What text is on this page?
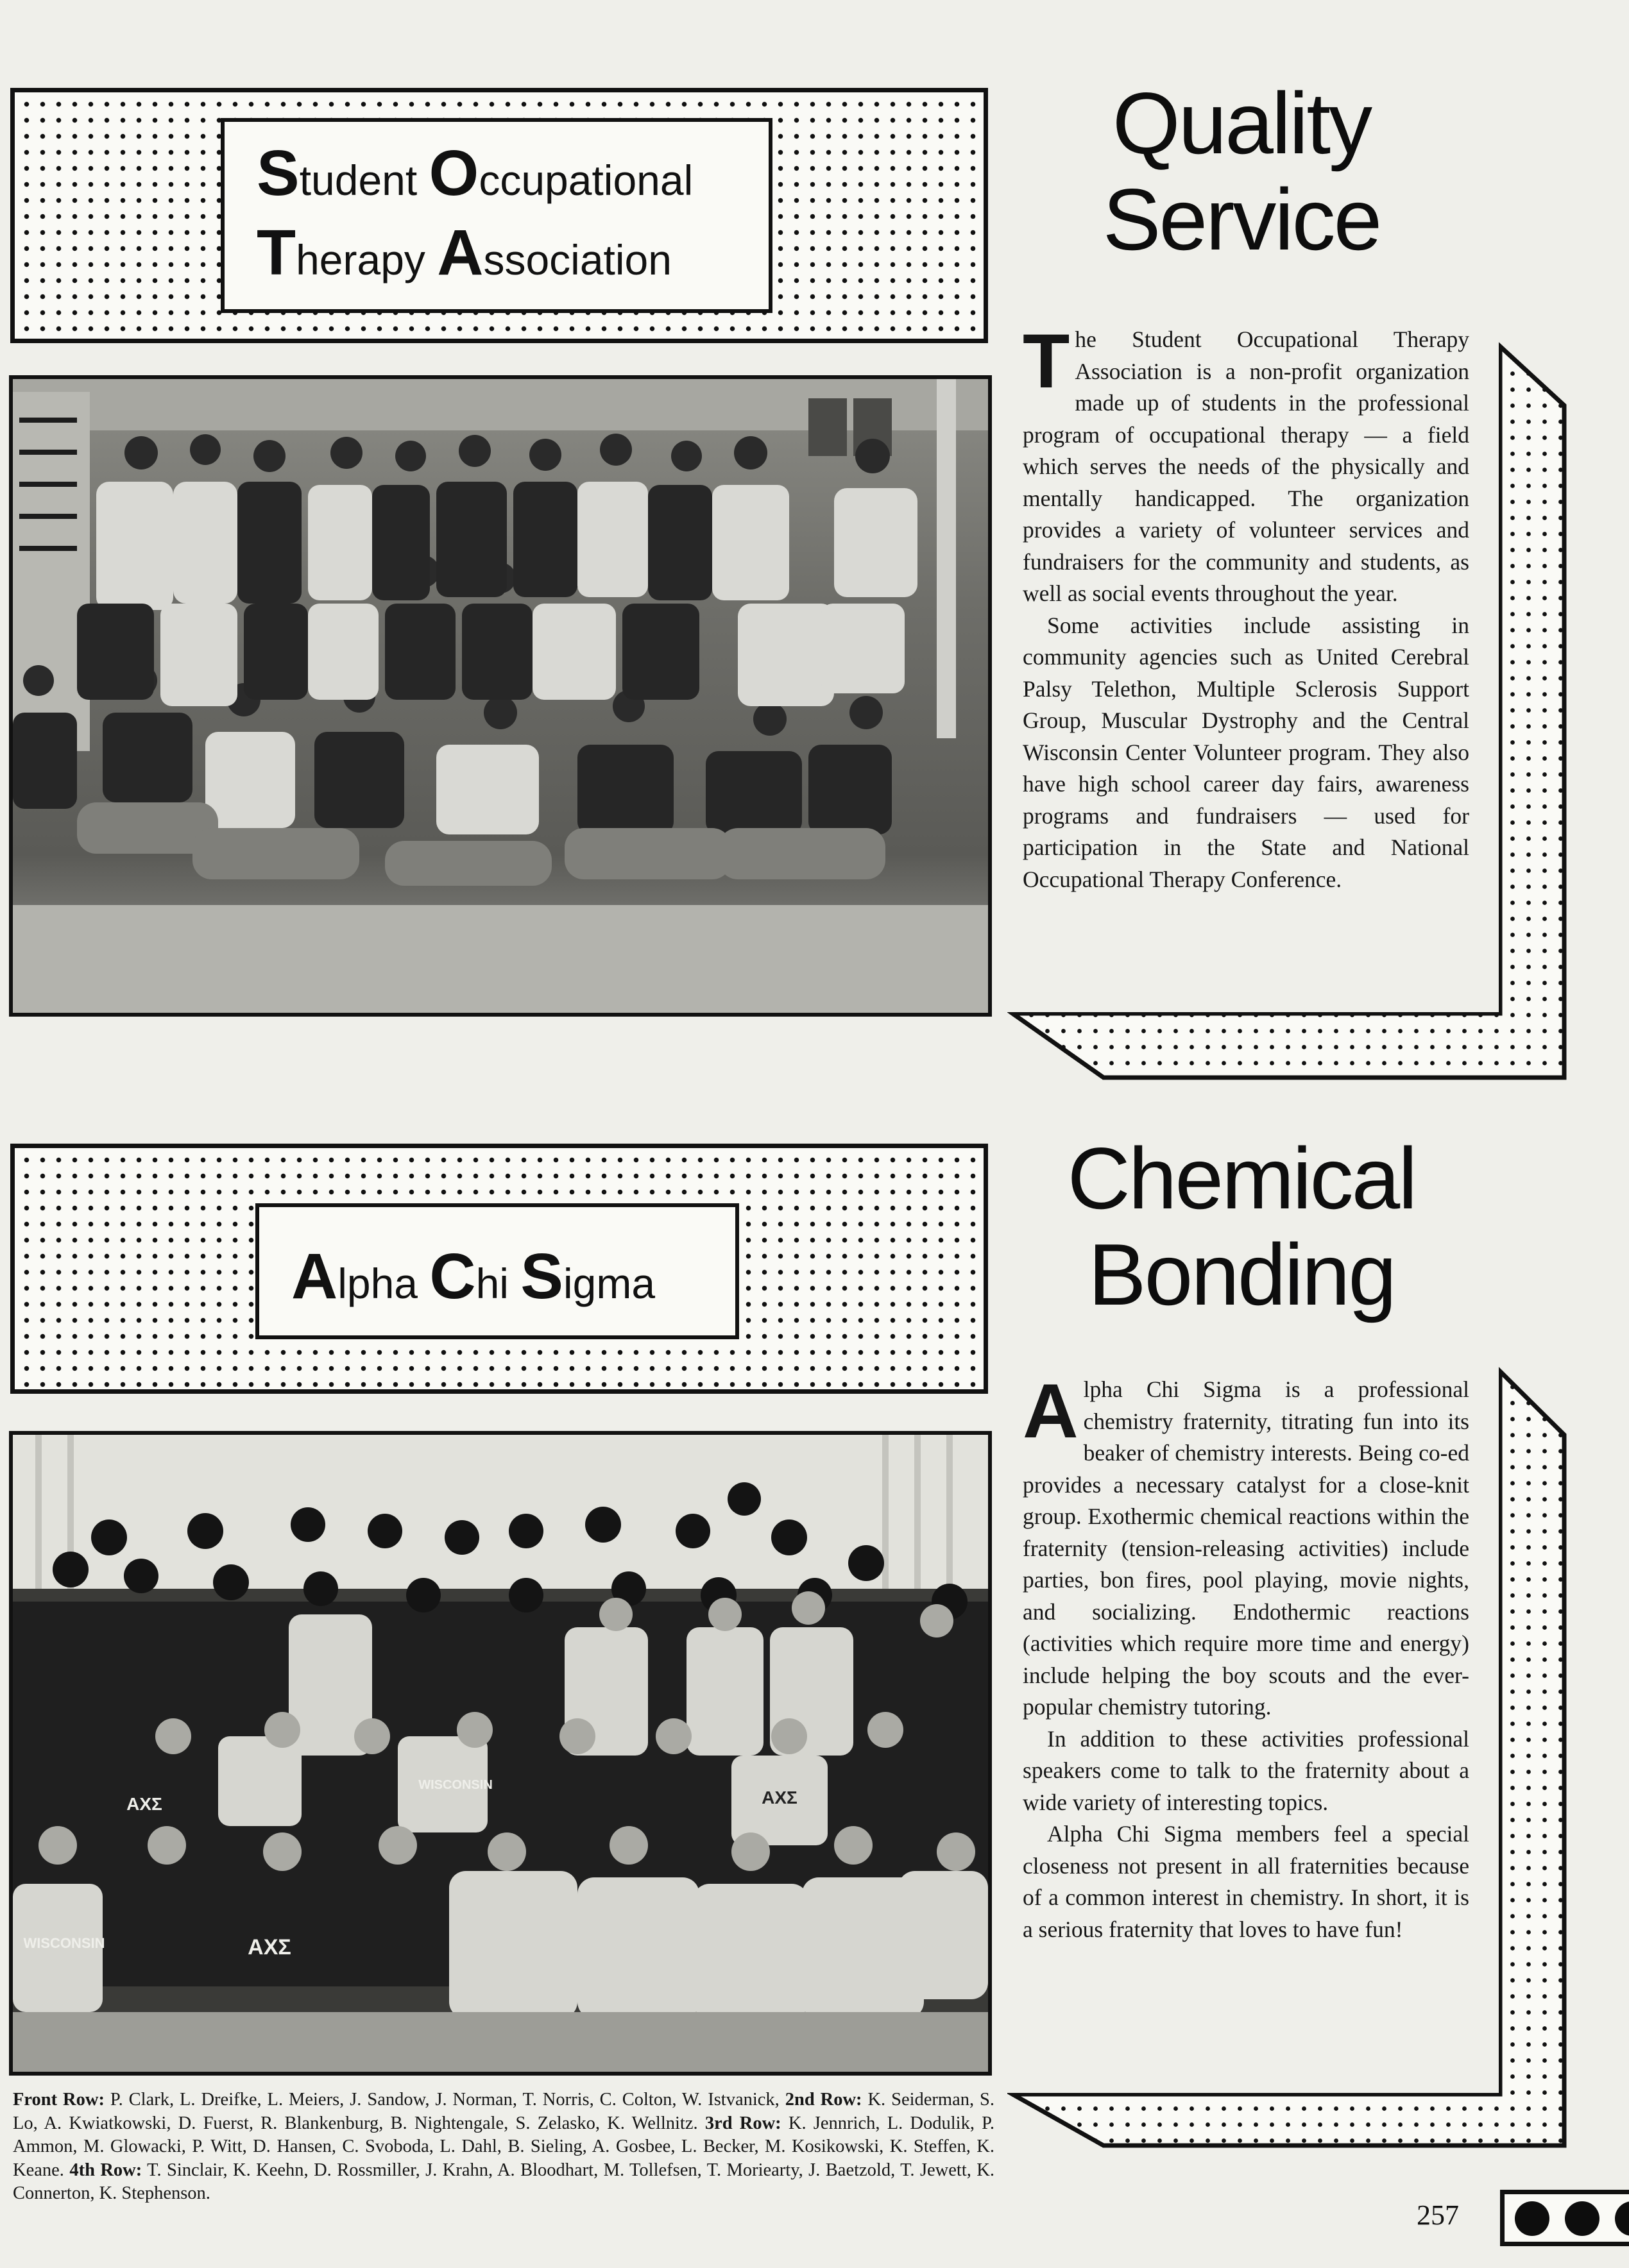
Student Occupational
Therapy Association
Quality
Service

The Student Occupational Therapy Association is a non-profit organization made up of students in the professional program of occupational therapy — a field which serves the needs of the physically and mentally handicapped. The organization provides a variety of volunteer services and fundraisers for the community and students, as well as social events throughout the year.

Some activities include assisting in community agencies such as United Cerebral Palsy Telethon, Multiple Sclerosis Support Group, Muscular Dystrophy and the Central Wisconsin Center Volunteer program. They also have high school career day fairs, awareness programs and fundraisers — used for participation in the State and National Occupational Therapy Conference.

Alpha Chi Sigma
ΑΧΣ
WISCONSIN
ΑΧΣ
ΑΧΣ
WISCONSIN
Chemical
Bonding

Alpha Chi Sigma is a professional chemistry fraternity, titrating fun into its beaker of chemistry interests. Being co-ed provides a necessary catalyst for a close-knit group. Exothermic chemical reactions within the fraternity (tension-releasing activities) include parties, bon fires, pool playing, movie nights, and socializing. Endothermic reactions (activities which require more time and energy) include helping the boy scouts and the ever-popular chemistry tutoring.

In addition to these activities professional speakers come to talk to the fraternity about a wide variety of interesting topics.

Alpha Chi Sigma members feel a special closeness not present in all fraternities because of a common interest in chemistry. In short, it is a serious fraternity that loves to have fun!

Front Row: P. Clark, L. Dreifke, L. Meiers, J. Sandow, J. Norman, T. Norris, C. Colton, W. Istvanick, 2nd Row: K. Seiderman, S. Lo, A. Kwiatkowski, D. Fuerst, R. Blankenburg, B. Nightengale, S. Zelasko, K. Wellnitz. 3rd Row: K. Jennrich, L. Dodulik, P. Ammon, M. Glowacki, P. Witt, D. Hansen, C. Svoboda, L. Dahl, B. Sieling, A. Gosbee, L. Becker, M. Kosikowski, K. Steffen, K. Keane. 4th Row: T. Sinclair, K. Keehn, D. Rossmiller, J. Krahn, A. Bloodhart, M. Tollefsen, T. Moriearty, J. Baetzold, T. Jewett, K. Connerton, K. Stephenson.
257
